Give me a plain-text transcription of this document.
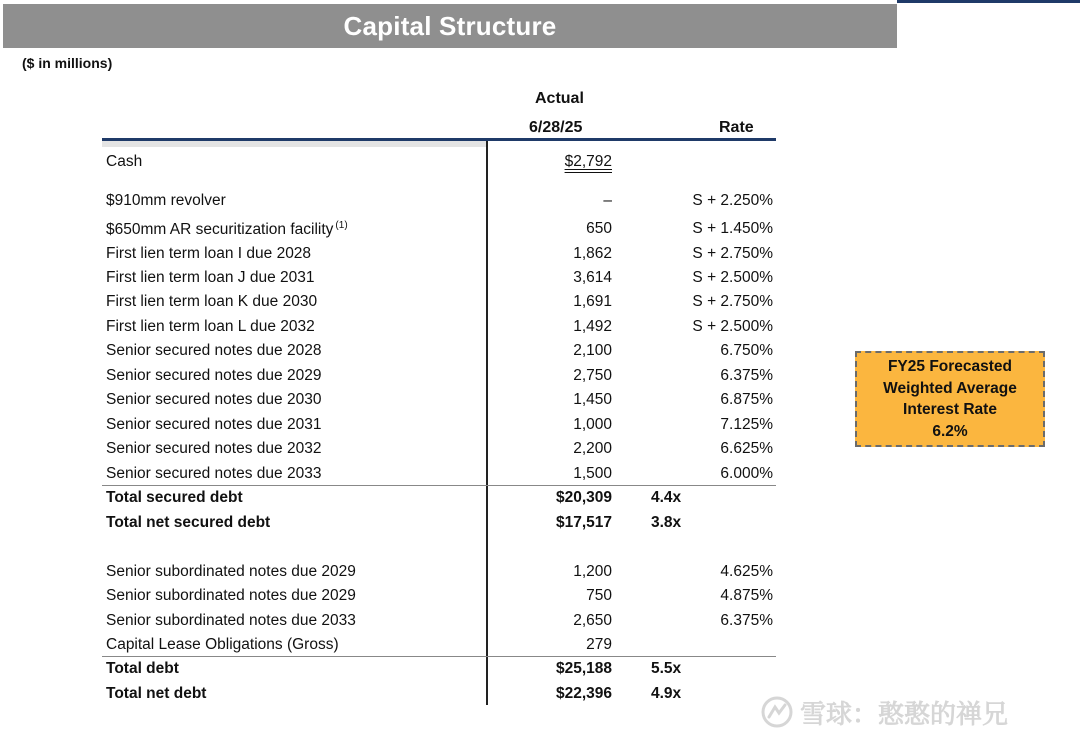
Capital Structure
($ in millions)
Actual
6/28/25	Rate
Cash	$2,792
$910mm revolver	–	S + 2.250%
$650mm AR securitization facility $^{(1)}$	650	S + 1.450%
First lien term loan I due 2028	1,862	S + 2.750%
First lien term loan J due 2031	3,614	S + 2.500%
First lien term loan K due 2030	1,691	S + 2.750%
First lien term loan L due 2032	1,492	S + 2.500%
Senior secured notes due 2028	2,100	6.750%
Senior secured notes due 2029	2,750	6.375%
Senior secured notes due 2030	1,450	6.875%
Senior secured notes due 2031	1,000	7.125%
Senior secured notes due 2032	2,200	6.625%
Senior secured notes due 2033	1,500	6.000%
Total secured debt	$20,309	4.4x
Total net secured debt	$17,517	3.8x
Senior subordinated notes due 2029	1,200	4.625%
Senior subordinated notes due 2029	750	4.875%
Senior subordinated notes due 2033	2,650	6.375%
Capital Lease Obligations (Gross)	279
Total debt	$25,188	5.5x
Total net debt	$22,396	4.9x
FY25 Forecasted
Weighted Average
Interest Rate
6.2%
雪球：憨憨的禅兄
